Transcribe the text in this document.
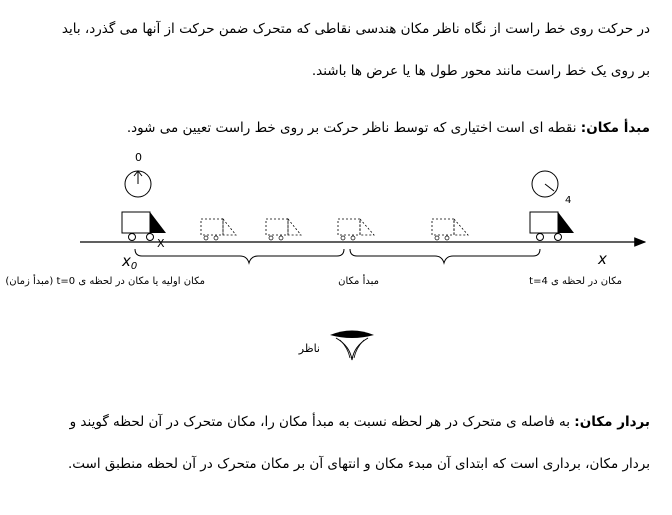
در حرکت روی خط راست از نگاه ناظر مکان هندسی نقاطی که متحرک ضمن حرکت از آنها می گذرد، باید
بر روی یک خط راست مانند محور طول ها یا عرض ها باشند.
مبدأ مکان: نقطه ای است اختیاری که توسط ناظر حرکت بر روی خط راست تعیین می شود.
0
4
X
$x_0$	x
مکان اولیه یا مکان در لحظه ی 0=t (مبدأ زمان)	مبدأ مکان	مکان در لحظه ی 4=t
ناظر
بردار مکان: به فاصله ی متحرک در هر لحظه نسبت به مبدأ مکان را، مکان متحرک در آن لحظه گویند و
بردار مکان، برداری است که ابتدای آن مبدء مکان و انتهای آن بر مکان متحرک در آن لحظه منطبق است.
